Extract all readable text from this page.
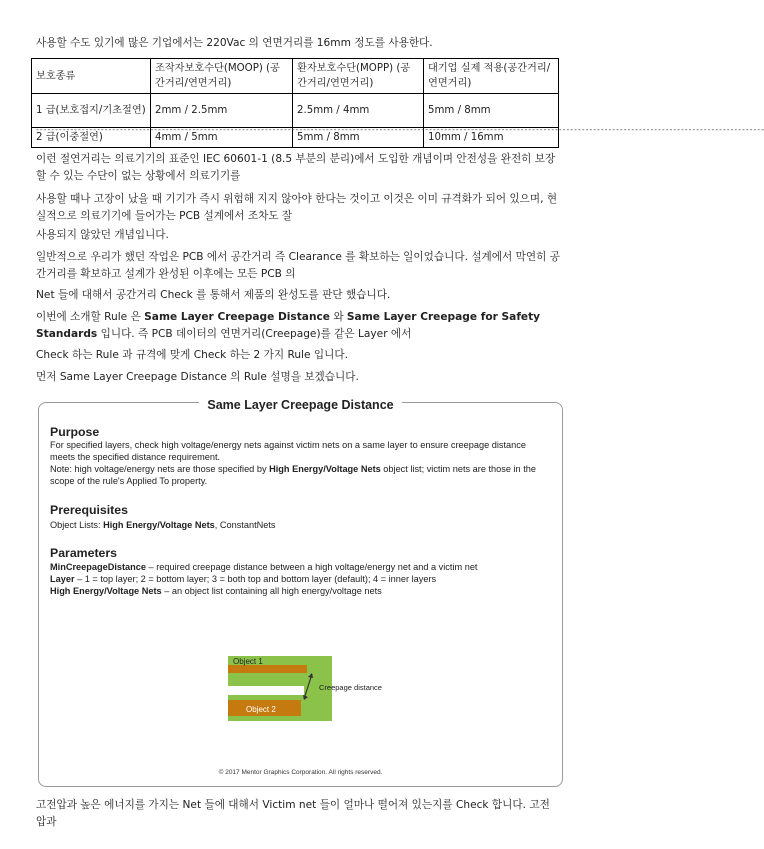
사용할 수도 있기에 많은 기업에서는 220Vac 의 연면거리를 16mm 정도를 사용한다.

보호종류	조작자보호수단(MOOP) (공간거리/연면거리)	환자보호수단(MOPP) (공간거리/연면거리)	대기업 실제 적용(공간거리/연면거리)
1 급(보호접지/기초절연)	2mm / 2.5mm	2.5mm / 4mm	5mm / 8mm
2 급(이중절연)	4mm / 5mm	5mm / 8mm	10mm / 16mm
-----------------------------------------------------------------------------------------------------------------------------------------------------------------------------------------------

이런 절연거리는 의료기기의 표준인 IEC 60601-1 (8.5 부분의 분리)에서 도입한 개념이며 안전성을 완전히 보장 할 수 있는 수단이 없는 상황에서 의료기기를

사용할 때나 고장이 났을 때 기기가 즉시 위험해 지지 않아야 한다는 것이고 이것은 이미 규격화가 되어 있으며, 현실적으로 의료기기에 들어가는 PCB 설계에서 조차도 잘

사용되지 않았던 개념입니다.

일반적으로 우리가 했던 작업은 PCB 에서 공간거리 즉 Clearance 를 확보하는 일이었습니다. 설계에서 막연히 공간거리를 확보하고 설계가 완성된 이후에는 모든 PCB 의

Net 들에 대해서 공간거리 Check 를 통해서 제품의 완성도를 판단 했습니다.

이번에 소개할 Rule 은 Same Layer Creepage Distance 와 Same Layer Creepage for Safety Standards 입니다. 즉 PCB 데이터의 연면거리(Creepage)를 같은 Layer 에서

Check 하는 Rule 과 규격에 맞게 Check 하는 2 가지 Rule 입니다.

먼저 Same Layer Creepage Distance 의 Rule 설명을 보겠습니다.

Same Layer Creepage Distance
Purpose
For specified layers, check high voltage/energy nets against victim nets on a same layer to ensure creepage distance meets the specified distance requirement.
Note: high voltage/energy nets are those specified by High Energy/Voltage Nets object list; victim nets are those in the scope of the rule's Applied To property.
Prerequisites
Object Lists: High Energy/Voltage Nets, ConstantNets
Parameters
MinCreepageDistance – required creepage distance between a high voltage/energy net and a victim net
Layer – 1 = top layer; 2 = bottom layer; 3 = both top and bottom layer (default); 4 = inner layers
High Energy/Voltage Nets – an object list containing all high energy/voltage nets
Object 1
Object 2
Creepage distance
© 2017 Mentor Graphics Corporation. All rights reserved.

고전압과 높은 에너지를 가지는 Net 들에 대해서 Victim net 들이 얼마나 떨어져 있는지를 Check 합니다. 고전압과
